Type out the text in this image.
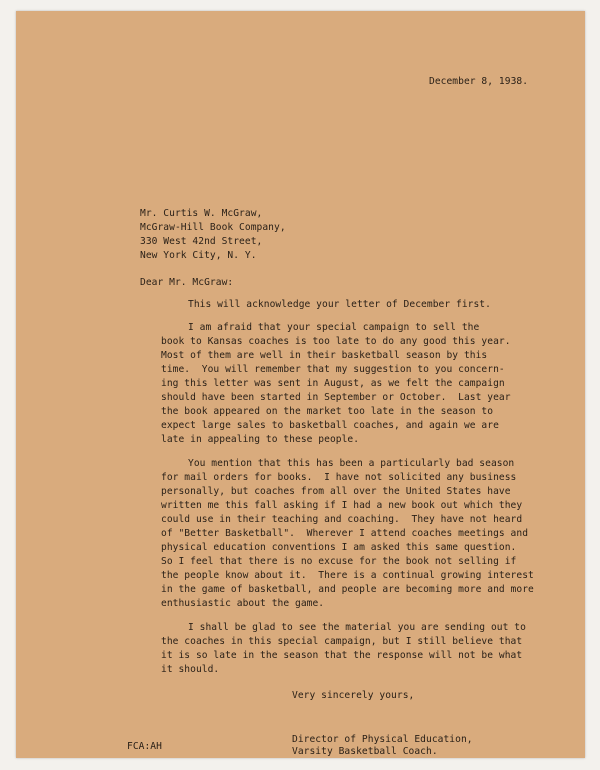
December 8, 1938.

Mr. Curtis W. McGraw,

McGraw-Hill Book Company,

330 West 42nd Street,

New York City, N. Y.

Dear Mr. McGraw:

This will acknowledge your letter of December first.

I am afraid that your special campaign to sell the

book to Kansas coaches is too late to do any good this year.

Most of them are well in their basketball season by this

time.  You will remember that my suggestion to you concern-

ing this letter was sent in August, as we felt the campaign

should have been started in September or October.  Last year

the book appeared on the market too late in the season to

expect large sales to basketball coaches, and again we are

late in appealing to these people.

You mention that this has been a particularly bad season

for mail orders for books.  I have not solicited any business

personally, but coaches from all over the United States have

written me this fall asking if I had a new book out which they

could use in their teaching and coaching.  They have not heard

of "Better Basketball".  Wherever I attend coaches meetings and

physical education conventions I am asked this same question.

So I feel that there is no excuse for the book not selling if

the people know about it.  There is a continual growing interest

in the game of basketball, and people are becoming more and more

enthusiastic about the game.

I shall be glad to see the material you are sending out to

the coaches in this special campaign, but I still believe that

it is so late in the season that the response will not be what

it should.

Very sincerely yours,

Director of Physical Education,

Varsity Basketball Coach.

FCA:AH
